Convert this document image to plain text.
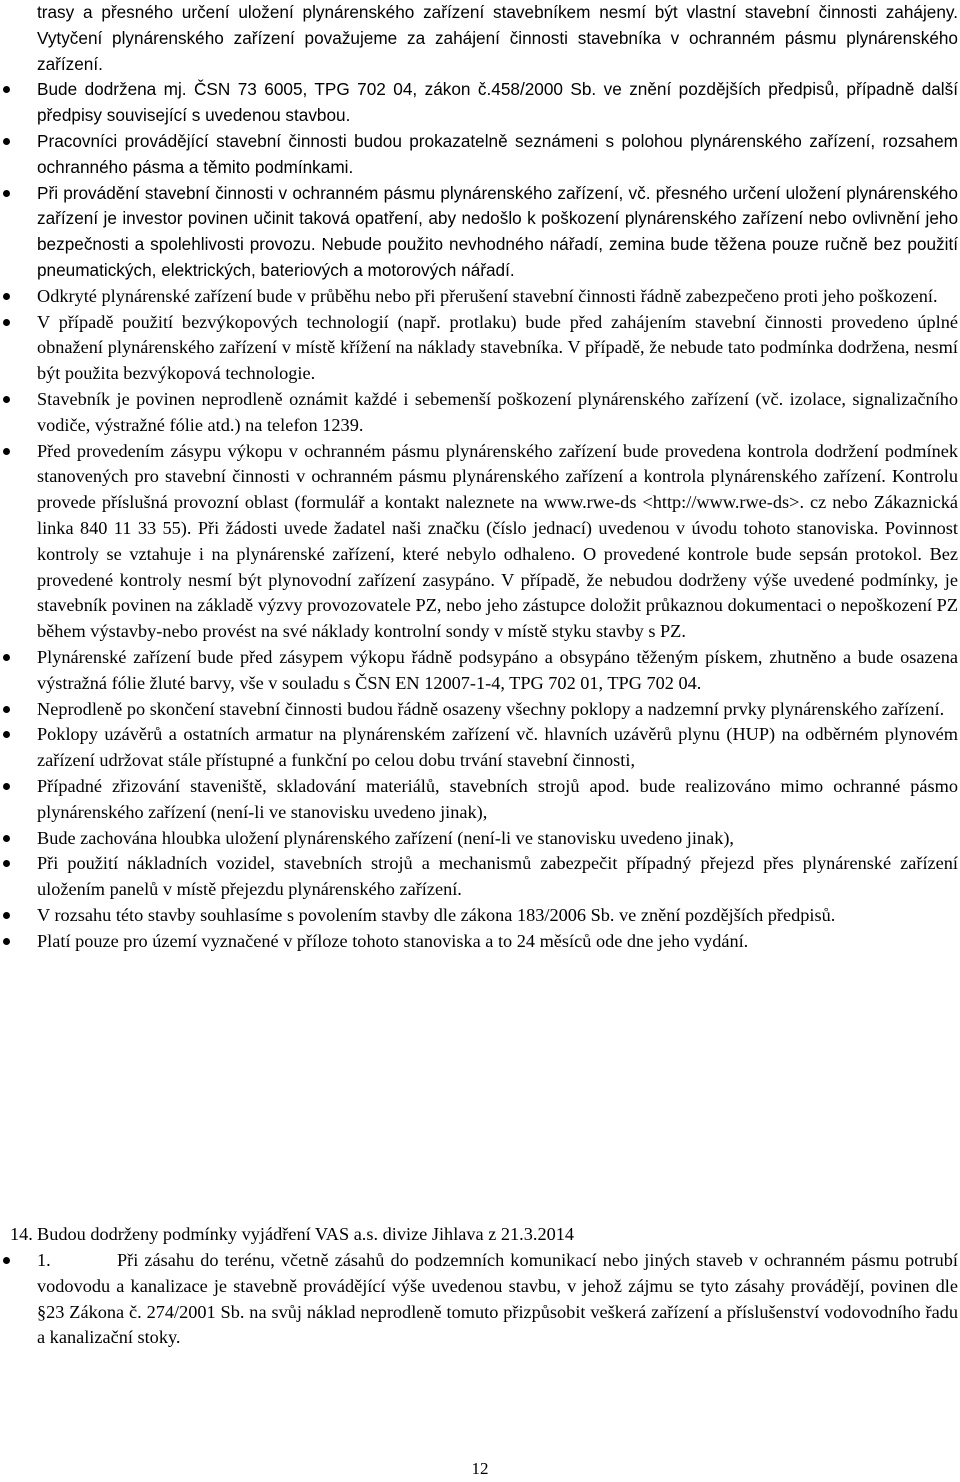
trasy a přesného určení uložení plynárenského zařízení stavebníkem nesmí být vlastní stavební činnosti zahájeny. Vytyčení plynárenského zařízení považujeme za zahájení činnosti stavebníka v ochranném pásmu plynárenského zařízení.
Bude dodržena mj. ČSN 73 6005, TPG 702 04, zákon č.458/2000 Sb. ve znění pozdějších předpisů, případně další předpisy související s uvedenou stavbou.
Pracovníci provádějící stavební činnosti budou prokazatelně seznámeni s polohou plynárenského zařízení, rozsahem ochranného pásma a těmito podmínkami.
Při provádění stavební činnosti v ochranném pásmu plynárenského zařízení, vč. přesného určení uložení plynárenského zařízení je investor povinen učinit taková opatření, aby nedošlo k poškození plynárenského zařízení nebo ovlivnění jeho bezpečnosti a spolehlivosti provozu. Nebude použito nevhodného nářadí, zemina bude těžena pouze ručně bez použití pneumatických, elektrických, bateriových a motorových nářadí.
Odkryté plynárenské zařízení bude v průběhu nebo při přerušení stavební činnosti řádně zabezpečeno proti jeho poškození.
V případě použití bezvýkopových technologií (např. protlaku) bude před zahájením stavební činnosti provedeno úplné obnažení plynárenského zařízení v místě křížení na náklady stavebníka. V případě, že nebude tato podmínka dodržena, nesmí být použita bezvýkopová technologie.
Stavebník je povinen neprodleně oznámit každé i sebemenší poškození plynárenského zařízení (vč. izolace, signalizačního vodiče, výstražné fólie atd.) na telefon 1239.
Před provedením zásypu výkopu v ochranném pásmu plynárenského zařízení bude provedena kontrola dodržení podmínek stanovených pro stavební činnosti v ochranném pásmu plynárenského zařízení a kontrola plynárenského zařízení. Kontrolu provede příslušná provozní oblast (formulář a kontakt naleznete na www.rwe-ds <http://www.rwe-ds>. cz nebo Zákaznická linka 840 11 33 55). Při žádosti uvede žadatel naši značku (číslo jednací) uvedenou v úvodu tohoto stanoviska. Povinnost kontroly se vztahuje i na plynárenské zařízení, které nebylo odhaleno. O provedené kontrole bude sepsán protokol. Bez provedené kontroly nesmí být plynovodní zařízení zasypáno. V případě, že nebudou dodrženy výše uvedené podmínky, je stavebník povinen na základě výzvy provozovatele PZ, nebo jeho zástupce doložit průkaznou dokumentaci o nepoškození PZ během výstavby-nebo provést na své náklady kontrolní sondy v místě styku stavby s PZ.
Plynárenské zařízení bude před zásypem výkopu řádně podsypáno a obsypáno těženým pískem, zhutněno a bude osazena výstražná fólie žluté barvy, vše v souladu s ČSN EN 12007-1-4, TPG 702 01, TPG 702 04.
Neprodleně po skončení stavební činnosti budou řádně osazeny všechny poklopy a nadzemní prvky plynárenského zařízení.
Poklopy uzávěrů a ostatních armatur na plynárenském zařízení vč. hlavních uzávěrů plynu (HUP) na odběrném plynovém zařízení udržovat stále přístupné a funkční po celou dobu trvání stavební činnosti,
Případné zřizování staveniště, skladování materiálů, stavebních strojů apod. bude realizováno mimo ochranné pásmo plynárenského zařízení (není-li ve stanovisku uvedeno jinak),
Bude zachována hloubka uložení plynárenského zařízení (není-li ve stanovisku uvedeno jinak),
Při použití nákladních vozidel, stavebních strojů a mechanismů zabezpečit případný přejezd přes plynárenské zařízení uložením panelů v místě přejezdu plynárenského zařízení.
V rozsahu této stavby souhlasíme s povolením stavby dle zákona 183/2006 Sb. ve znění pozdějších předpisů.
Platí pouze pro území vyznačené v příloze tohoto stanoviska a to 24 měsíců ode dne jeho vydání.
14. Budou dodrženy podmínky vyjádření VAS a.s. divize Jihlava z 21.3.2014
1.	Při zásahu do terénu, včetně zásahů do podzemních komunikací nebo jiných staveb v ochranném pásmu potrubí vodovodu a kanalizace je stavebně provádějící výše uvedenou stavbu, v jehož zájmu se tyto zásahy provádějí, povinen dle §23 Zákona č. 274/2001 Sb. na svůj náklad neprodleně tomuto přizpůsobit veškerá zařízení a příslušenství vodovodního řadu a kanalizační stoky.
12
